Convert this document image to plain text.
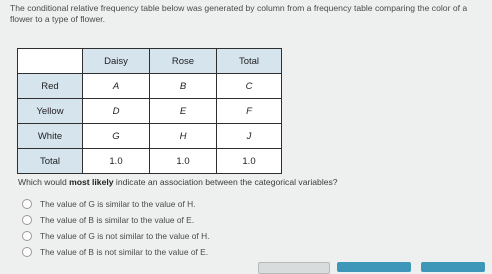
The conditional relative frequency table below was generated by column from a frequency table comparing the color of a flower to a type of flower.
	Daisy	Rose	Total
Red	A	B	C
Yellow	D	E	F
White	G	H	J
Total	1.0	1.0	1.0
Which would most likely indicate an association between the categorical variables?
The value of G is similar to the value of H.
The value of B is similar to the value of E.
The value of G is not similar to the value of H.
The value of B is not similar to the value of E.
